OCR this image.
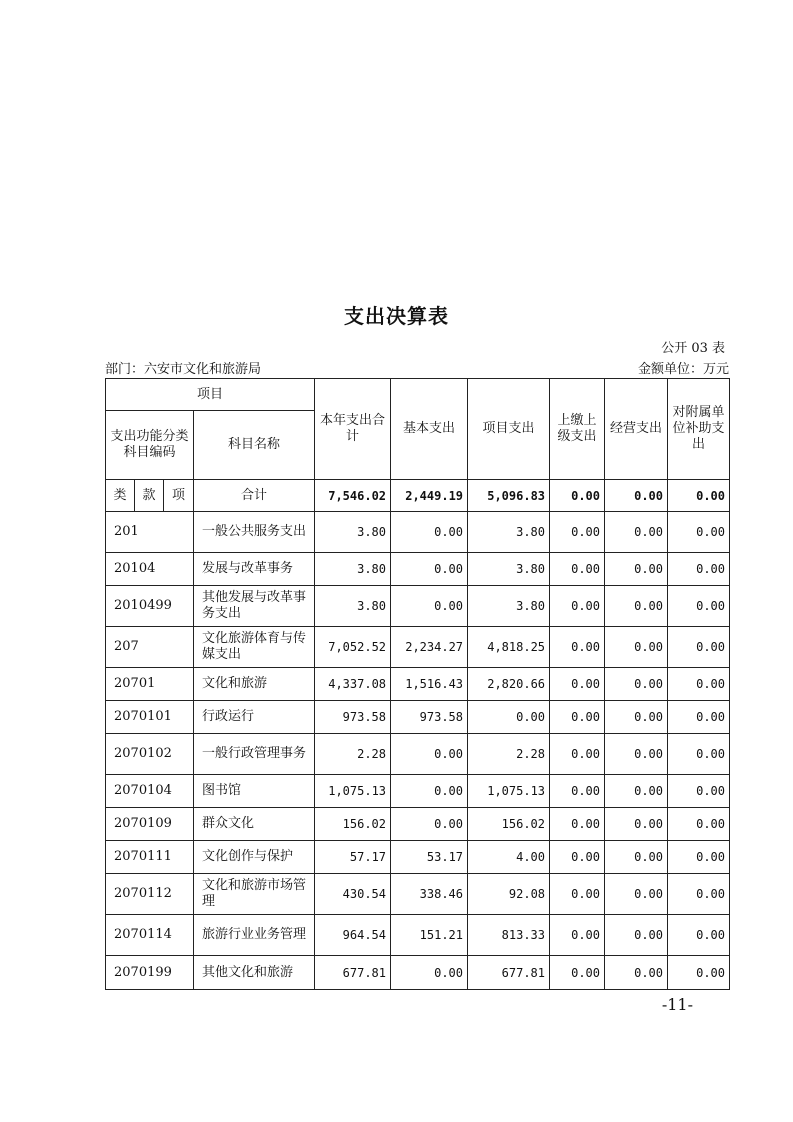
支出决算表
公开 03 表
部门：六安市文化和旅游局	金额单位：万元
项目				本年支出合计	基本支出	项目支出	上缴上级支出	经营支出	对附属单位补助支出
支出功能分类科目编码			科目名称						
类	款	项	合计	7,546.02	2,449.19	5,096.83	0.00	0.00	0.00
201			一般公共服务支出	3.80	0.00	3.80	0.00	0.00	0.00
20104			发展与改革事务	3.80	0.00	3.80	0.00	0.00	0.00
2010499			其他发展与改革事务支出	3.80	0.00	3.80	0.00	0.00	0.00
207			文化旅游体育与传媒支出	7,052.52	2,234.27	4,818.25	0.00	0.00	0.00
20701			文化和旅游	4,337.08	1,516.43	2,820.66	0.00	0.00	0.00
2070101			行政运行	973.58	973.58	0.00	0.00	0.00	0.00
2070102			一般行政管理事务	2.28	0.00	2.28	0.00	0.00	0.00
2070104			图书馆	1,075.13	0.00	1,075.13	0.00	0.00	0.00
2070109			群众文化	156.02	0.00	156.02	0.00	0.00	0.00
2070111			文化创作与保护	57.17	53.17	4.00	0.00	0.00	0.00
2070112			文化和旅游市场管理	430.54	338.46	92.08	0.00	0.00	0.00
2070114			旅游行业业务管理	964.54	151.21	813.33	0.00	0.00	0.00
2070199			其他文化和旅游	677.81	0.00	677.81	0.00	0.00	0.00
-11-
